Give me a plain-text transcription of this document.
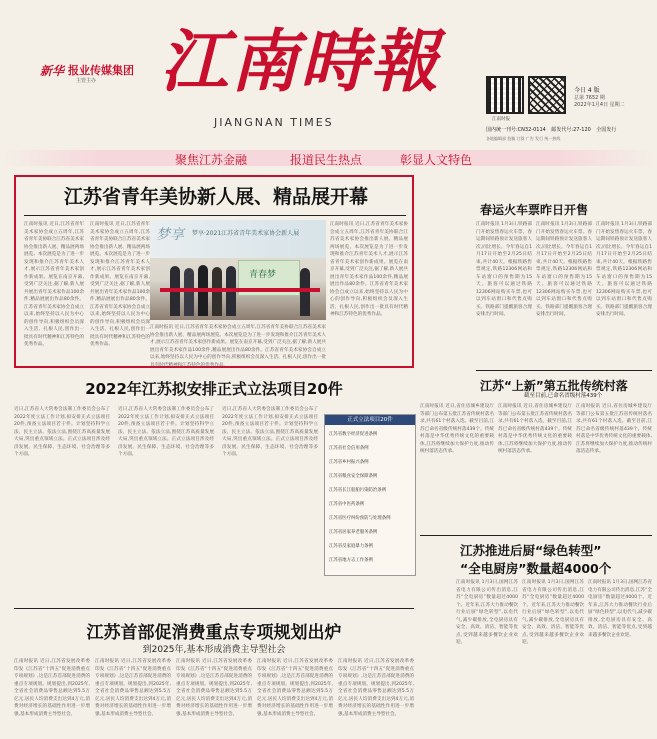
新华 报业传媒集团
主管主办 江南時報
JIANGNAN TIMES	江南时报
今日 4 版
总第 7652 期
2022年1月4日 星期二
国内统一刊号:CN32-0114 邮发代号:27-120 全国发行
各地编辑部 投稿 订阅 广告 发行 统一热线
聚焦江苏金融	报道民生热点	彰显人文特色
江苏省青年美协新人展、精品展开幕
江南时报讯 近日,江苏省青年美术家协会成立五周年,江苏省青年美协联合江苏省美术家协会推出新人展、精品展两场展览。本次展览是为了进一步发现和推介江苏青年美术人才,展示江苏省青年美术家创作新成果。展览在南京开幕,受到广泛关注,据了解,新人展共展出青年美术家作品100余件,精品展展出作品80余件。江苏省青年美术家协会自成立以来,始终坚持以人民为中心的创作导向,积极组织会员深入生活、扎根人民,创作出一批具有时代精神和江苏特色的优秀作品。
江南时报讯 近日,江苏省青年美术家协会成立五周年,江苏省青年美协联合江苏省美术家协会推出新人展、精品展两场展览。本次展览是为了进一步发现和推介江苏青年美术人才,展示江苏省青年美术家创作新成果。展览在南京开幕,受到广泛关注,据了解,新人展共展出青年美术家作品100余件,精品展展出作品80余件。江苏省青年美术家协会自成立以来,始终坚持以人民为中心的创作导向,积极组织会员深入生活、扎根人民,创作出一批具有时代精神和江苏特色的优秀作品。
梦享 梦享·2021江苏省青年美术家协会新人展
青春梦
江南时报讯 近日,江苏省青年美术家协会成立五周年,江苏省青年美协联合江苏省美术家协会推出新人展、精品展两场展览。本次展览是为了进一步发现和推介江苏青年美术人才,展示江苏省青年美术家创作新成果。展览在南京开幕,受到广泛关注,据了解,新人展共展出青年美术家作品100余件,精品展展出作品80余件。江苏省青年美术家协会自成立以来,始终坚持以人民为中心的创作导向,积极组织会员深入生活、扎根人民,创作出一批具有时代精神和江苏特色的优秀作品。
江南时报讯 近日,江苏省青年美术家协会成立五周年,江苏省青年美协联合江苏省美术家协会推出新人展、精品展两场展览。本次展览是为了进一步发现和推介江苏青年美术人才,展示江苏省青年美术家创作新成果。展览在南京开幕,受到广泛关注,据了解,新人展共展出青年美术家作品100余件,精品展展出作品80余件。江苏省青年美术家协会自成立以来,始终坚持以人民为中心的创作导向,积极组织会员深入生活、扎根人民,创作出一批具有时代精神和江苏特色的优秀作品。
春运火车票昨日开售
江南时报讯 1月3日,铁路部门开始发售春运火车票。春运期间铁路预计发送旅客人次,同比增长。今年春运自1月17日开始至2月25日结束,共计40天。根据铁路售票规定,铁路12306网站和车站窗口的预售期为15天。旅客可以通过铁路12306网站购买车票,也可以到车站窗口和代售点购买。铁路部门提醒旅客合理安排出行时间。
江南时报讯 1月3日,铁路部门开始发售春运火车票。春运期间铁路预计发送旅客人次,同比增长。今年春运自1月17日开始至2月25日结束,共计40天。根据铁路售票规定,铁路12306网站和车站窗口的预售期为15天。旅客可以通过铁路12306网站购买车票,也可以到车站窗口和代售点购买。铁路部门提醒旅客合理安排出行时间。
江南时报讯 1月3日,铁路部门开始发售春运火车票。春运期间铁路预计发送旅客人次,同比增长。今年春运自1月17日开始至2月25日结束,共计40天。根据铁路售票规定,铁路12306网站和车站窗口的预售期为15天。旅客可以通过铁路12306网站购买车票,也可以到车站窗口和代售点购买。铁路部门提醒旅客合理安排出行时间。
江苏“上新”第五批传统村落
截至目前,已命名省级村落439个
江南时报讯 近日,省住房城乡建设厅等部门公布第五批江苏省传统村落名录,共有61个村落入选。截至目前,江苏已命名省级传统村落439个。传统村落是中华优秀传统文化的重要载体,江苏将继续加大保护力度,推动传统村落活态传承。
江南时报讯 近日,省住房城乡建设厅等部门公布第五批江苏省传统村落名录,共有61个村落入选。截至目前,江苏已命名省级传统村落439个。传统村落是中华优秀传统文化的重要载体,江苏将继续加大保护力度,推动传统村落活态传承。
江南时报讯 近日,省住房城乡建设厅等部门公布第五批江苏省传统村落名录,共有61个村落入选。截至目前,江苏已命名省级传统村落439个。传统村落是中华优秀传统文化的重要载体,江苏将继续加大保护力度,推动传统村落活态传承。
江苏推进后厨“绿色转型”
“全电厨房”数量超4000个
江南时报讯 1月3日,国网江苏省电力有限公司传出消息,江苏“全电厨房”数量超过4000个。近年来,江苏大力推动餐饮行业后厨“绿色转型”,以电代气,减少碳排放,全电厨房具有安全、高效、清洁、智能等优点,受到越来越多餐饮企业欢迎。
江南时报讯 1月3日,国网江苏省电力有限公司传出消息,江苏“全电厨房”数量超过4000个。近年来,江苏大力推动餐饮行业后厨“绿色转型”,以电代气,减少碳排放,全电厨房具有安全、高效、清洁、智能等优点,受到越来越多餐饮企业欢迎。
江南时报讯 1月3日,国网江苏省电力有限公司传出消息,江苏“全电厨房”数量超过4000个。近年来,江苏大力推动餐饮行业后厨“绿色转型”,以电代气,减少碳排放,全电厨房具有安全、高效、清洁、智能等优点,受到越来越多餐饮企业欢迎。
2022年江苏拟安排正式立法项目20件
近日,江苏省人大常委会法制工作委员会公布了2022年度立法工作计划,拟安排正式立法项目20件,预备立法项目若干件。计划坚持科学立法、民主立法、依法立法,围绕江苏高质量发展大局,突出重点领域立法。正式立法项目涉及经济发展、民生保障、生态环境、社会治理等多个方面。
近日,江苏省人大常委会法制工作委员会公布了2022年度立法工作计划,拟安排正式立法项目20件,预备立法项目若干件。计划坚持科学立法、民主立法、依法立法,围绕江苏高质量发展大局,突出重点领域立法。正式立法项目涉及经济发展、民生保障、生态环境、社会治理等多个方面。
近日,江苏省人大常委会法制工作委员会公布了2022年度立法工作计划,拟安排正式立法项目20件,预备立法项目若干件。计划坚持科学立法、民主立法、依法立法,围绕江苏高质量发展大局,突出重点领域立法。正式立法项目涉及经济发展、民生保障、生态环境、社会治理等多个方面。
正式立法项目20件
江苏省数字经济促进条例
江苏省社会信用条例
江苏省乡村振兴条例
江苏省粮食安全保障条例
江苏省长江船舶污染防治条例
江苏省中医药条例
江苏省医疗纠纷预防与处理条例
江苏省居家养老服务条例
江苏省反家庭暴力条例
江苏省地方志工作条例
江苏首部促消费重点专项规划出炉
到2025年,基本形成消费主导型社会
江南时报讯 近日,江苏省发展改革委印发《江苏省“十四五”促进消费重点专项规划》,这是江苏首部促进消费的重点专项规划。规划提出,到2025年,全省社会消费品零售总额达到5.5万亿元,居民人均消费支出达到4万元,消费对经济增长的基础性作用进一步增强,基本形成消费主导型社会。
江南时报讯 近日,江苏省发展改革委印发《江苏省“十四五”促进消费重点专项规划》,这是江苏首部促进消费的重点专项规划。规划提出,到2025年,全省社会消费品零售总额达到5.5万亿元,居民人均消费支出达到4万元,消费对经济增长的基础性作用进一步增强,基本形成消费主导型社会。
江南时报讯 近日,江苏省发展改革委印发《江苏省“十四五”促进消费重点专项规划》,这是江苏首部促进消费的重点专项规划。规划提出,到2025年,全省社会消费品零售总额达到5.5万亿元,居民人均消费支出达到4万元,消费对经济增长的基础性作用进一步增强,基本形成消费主导型社会。
江南时报讯 近日,江苏省发展改革委印发《江苏省“十四五”促进消费重点专项规划》,这是江苏首部促进消费的重点专项规划。规划提出,到2025年,全省社会消费品零售总额达到5.5万亿元,居民人均消费支出达到4万元,消费对经济增长的基础性作用进一步增强,基本形成消费主导型社会。
江南时报讯 近日,江苏省发展改革委印发《江苏省“十四五”促进消费重点专项规划》,这是江苏首部促进消费的重点专项规划。规划提出,到2025年,全省社会消费品零售总额达到5.5万亿元,居民人均消费支出达到4万元,消费对经济增长的基础性作用进一步增强,基本形成消费主导型社会。
